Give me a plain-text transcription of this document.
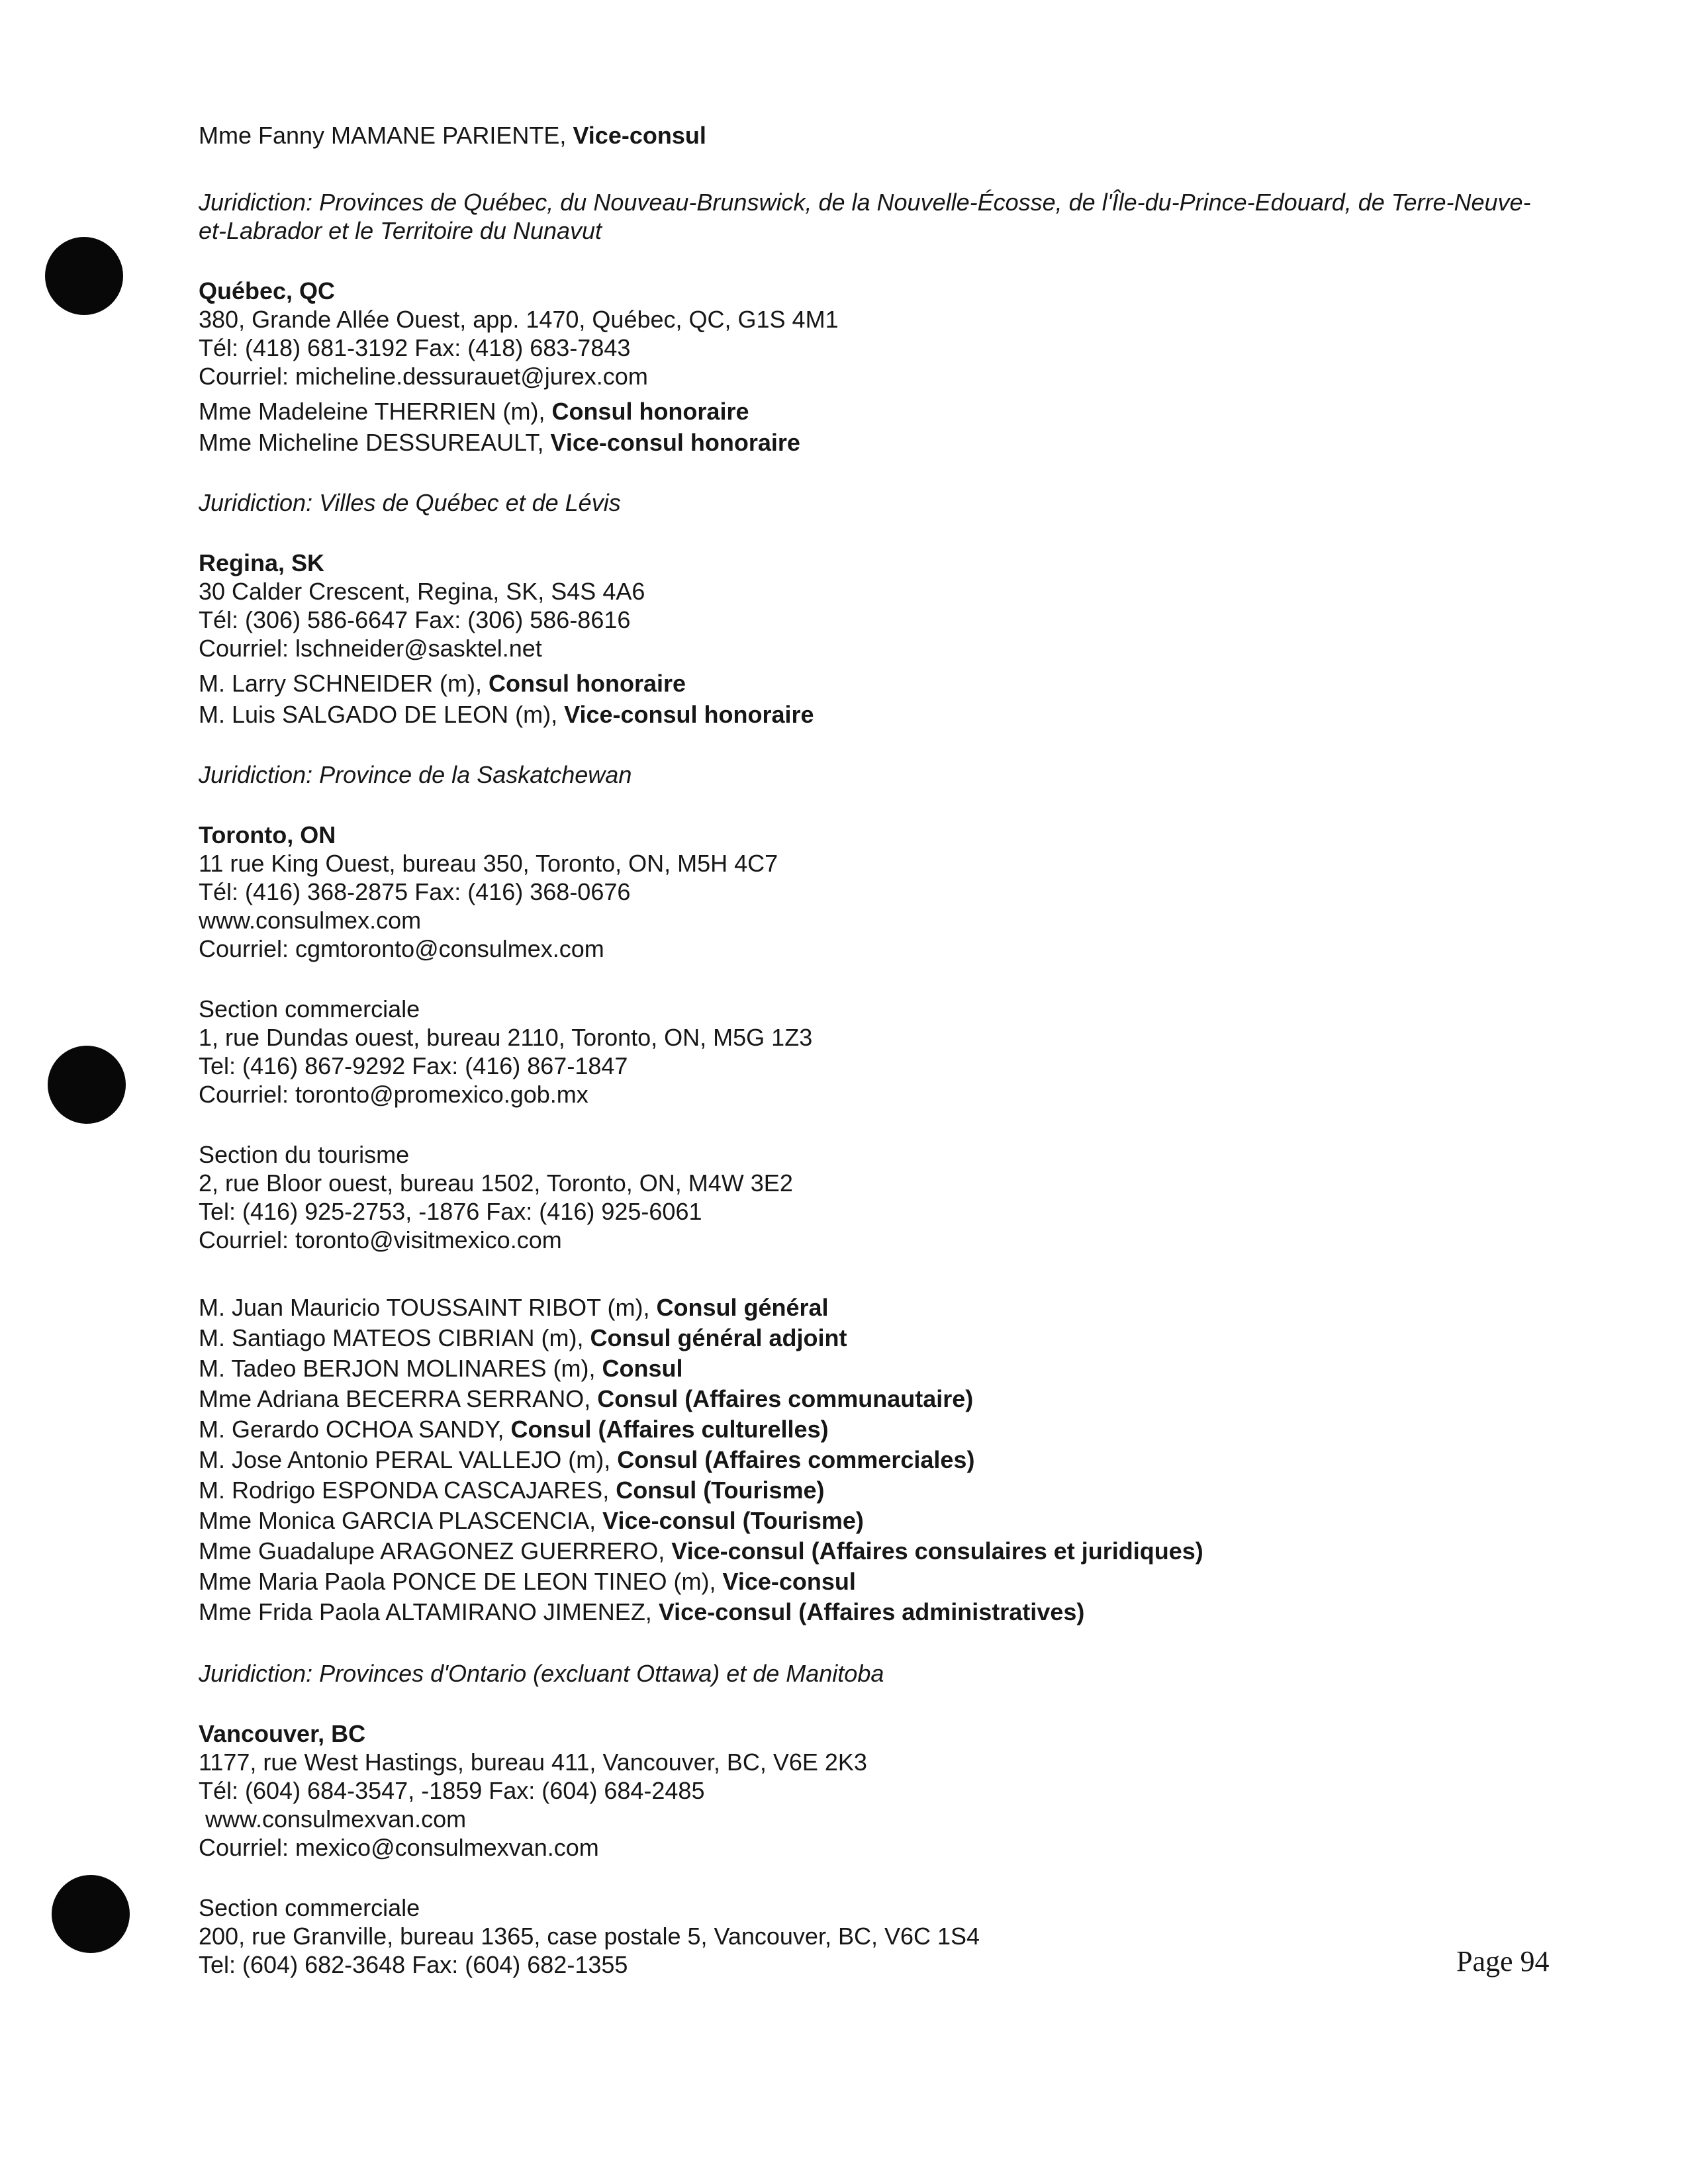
Mme Fanny MAMANE PARIENTE, Vice-consul

Juridiction: Provinces de Québec, du Nouveau-Brunswick, de la Nouvelle-Écosse, de l'Île-du-Prince-Edouard, de Terre-Neuve-et-Labrador et le Territoire du Nunavut

Québec, QC

380, Grande Allée Ouest, app. 1470, Québec, QC, G1S 4M1

Tél: (418) 681-3192 Fax: (418) 683-7843

Courriel: micheline.dessurauet@jurex.com

Mme Madeleine THERRIEN (m), Consul honoraire

Mme Micheline DESSUREAULT, Vice-consul honoraire

Juridiction: Villes de Québec et de Lévis

Regina, SK

30 Calder Crescent, Regina, SK, S4S 4A6

Tél: (306) 586-6647 Fax: (306) 586-8616

Courriel: lschneider@sasktel.net

M. Larry SCHNEIDER (m), Consul honoraire

M. Luis SALGADO DE LEON (m), Vice-consul honoraire

Juridiction: Province de la Saskatchewan

Toronto, ON

11 rue King Ouest, bureau 350, Toronto, ON, M5H 4C7

Tél: (416) 368-2875 Fax: (416) 368-0676

www.consulmex.com

Courriel: cgmtoronto@consulmex.com

Section commerciale

1, rue Dundas ouest, bureau 2110, Toronto, ON, M5G 1Z3

Tel: (416) 867-9292 Fax: (416) 867-1847

Courriel: toronto@promexico.gob.mx

Section du tourisme

2, rue Bloor ouest, bureau 1502, Toronto, ON, M4W 3E2

Tel: (416) 925-2753, -1876 Fax: (416) 925-6061

Courriel: toronto@visitmexico.com

M. Juan Mauricio TOUSSAINT RIBOT (m), Consul général

M. Santiago MATEOS CIBRIAN (m), Consul général adjoint

M. Tadeo BERJON MOLINARES (m), Consul

Mme Adriana BECERRA SERRANO, Consul (Affaires communautaire)

M. Gerardo OCHOA SANDY, Consul (Affaires culturelles)

M. Jose Antonio PERAL VALLEJO (m), Consul (Affaires commerciales)

M. Rodrigo ESPONDA CASCAJARES, Consul (Tourisme)

Mme Monica GARCIA PLASCENCIA, Vice-consul (Tourisme)

Mme Guadalupe ARAGONEZ GUERRERO, Vice-consul (Affaires consulaires et juridiques)

Mme Maria Paola PONCE DE LEON TINEO (m), Vice-consul

Mme Frida Paola ALTAMIRANO JIMENEZ, Vice-consul (Affaires administratives)

Juridiction: Provinces d'Ontario (excluant Ottawa) et de Manitoba

Vancouver, BC

1177, rue West Hastings, bureau 411, Vancouver, BC, V6E 2K3

Tél: (604) 684-3547, -1859 Fax: (604) 684-2485

www.consulmexvan.com

Courriel: mexico@consulmexvan.com

Section commerciale

200, rue Granville, bureau 1365, case postale 5, Vancouver, BC, V6C 1S4

Tel: (604) 682-3648 Fax: (604) 682-1355	Page 94
